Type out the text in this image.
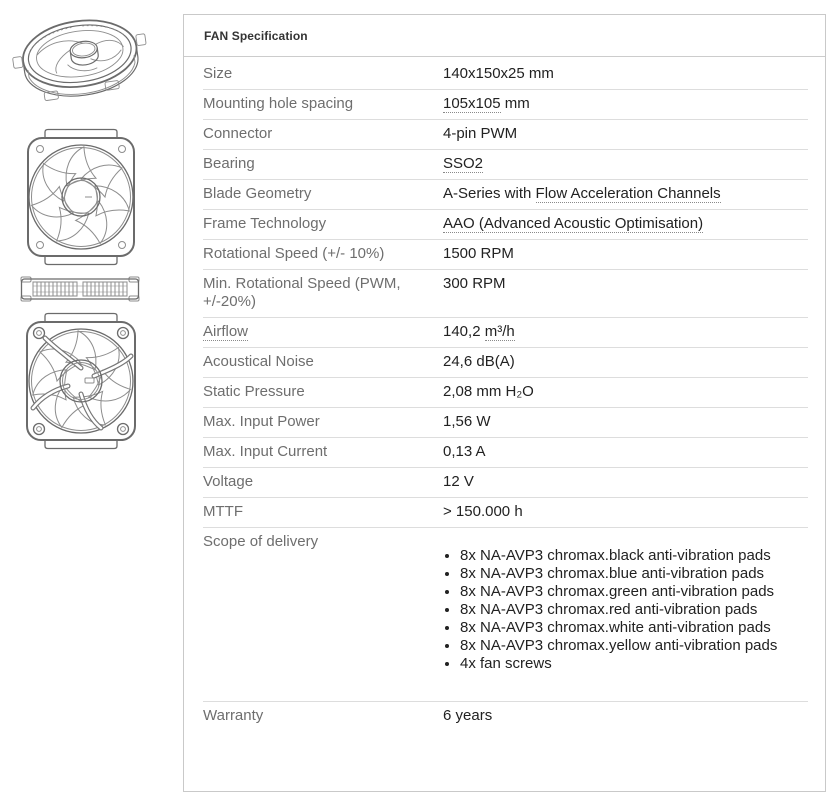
FAN Specification
Size	140x150x25 mm
Mounting hole spacing	105x105 mm
Connector	4-pin PWM
Bearing	SSO2
Blade Geometry	A-Series with Flow Acceleration Channels
Frame Technology	AAO (Advanced Acoustic Optimisation)
Rotational Speed (+/- 10%)	1500 RPM
Min. Rotational Speed (PWM, +/-20%)	300 RPM
Airflow	140,2 m³/h
Acoustical Noise	24,6 dB(A)
Static Pressure	2,08 mm H₂O
Max. Input Power	1,56 W
Max. Input Current	0,13 A
Voltage	12 V
MTTF	> 150.000 h
Scope of delivery	
• 8x NA-AVP3 chromax.black anti-vibration pads
• 8x NA-AVP3 chromax.blue anti-vibration pads
• 8x NA-AVP3 chromax.green anti-vibration pads
• 8x NA-AVP3 chromax.red anti-vibration pads
• 8x NA-AVP3 chromax.white anti-vibration pads
• 8x NA-AVP3 chromax.yellow anti-vibration pads
• 4x fan screws

Warranty	6 years
